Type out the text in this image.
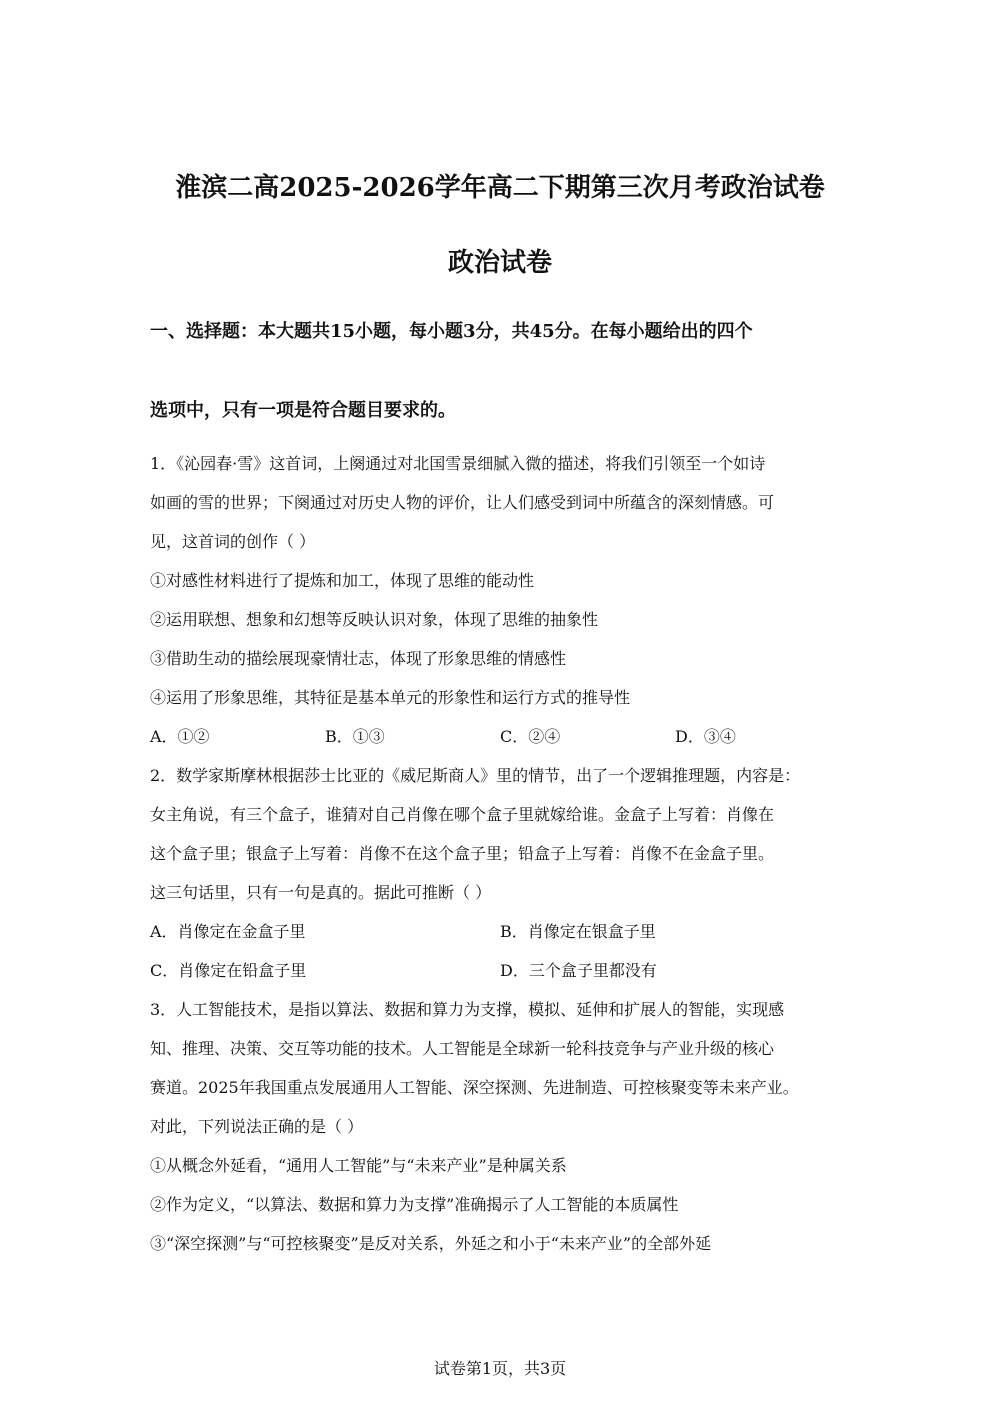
淮滨二高2025-2026学年高二下期第三次月考政治试卷
政治试卷
一、选择题：本大题共15小题，每小题3分，共45分。在每小题给出的四个
选项中，只有一项是符合题目要求的。
1．《沁园春·雪》这首词，上阕通过对北国雪景细腻入微的描述，将我们引领至一个如诗
如画的雪的世界；下阕通过对历史人物的评价，让人们感受到词中所蕴含的深刻情感。可
见，这首词的创作（ ）
①对感性材料进行了提炼和加工，体现了思维的能动性
②运用联想、想象和幻想等反映认识对象，体现了思维的抽象性
③借助生动的描绘展现豪情壮志，体现了形象思维的情感性
④运用了形象思维，其特征是基本单元的形象性和运行方式的推导性
A．①②	B．①③	C．②④	D．③④
2．数学家斯摩林根据莎士比亚的《威尼斯商人》里的情节，出了一个逻辑推理题，内容是：
女主角说，有三个盒子，谁猜对自己肖像在哪个盒子里就嫁给谁。金盒子上写着：肖像在
这个盒子里；银盒子上写着：肖像不在这个盒子里；铅盒子上写着：肖像不在金盒子里。
这三句话里，只有一句是真的。据此可推断（ ）
A．肖像定在金盒子里	B．肖像定在银盒子里
C．肖像定在铅盒子里	D．三个盒子里都没有
3．人工智能技术，是指以算法、数据和算力为支撑，模拟、延伸和扩展人的智能，实现感
知、推理、决策、交互等功能的技术。人工智能是全球新一轮科技竞争与产业升级的核心
赛道。2025年我国重点发展通用人工智能、深空探测、先进制造、可控核聚变等未来产业。
对此，下列说法正确的是（ ）
①从概念外延看，“通用人工智能”与“未来产业”是种属关系
②作为定义，“以算法、数据和算力为支撑”准确揭示了人工智能的本质属性
③“深空探测”与“可控核聚变”是反对关系，外延之和小于“未来产业”的全部外延
试卷第1页，共3页
